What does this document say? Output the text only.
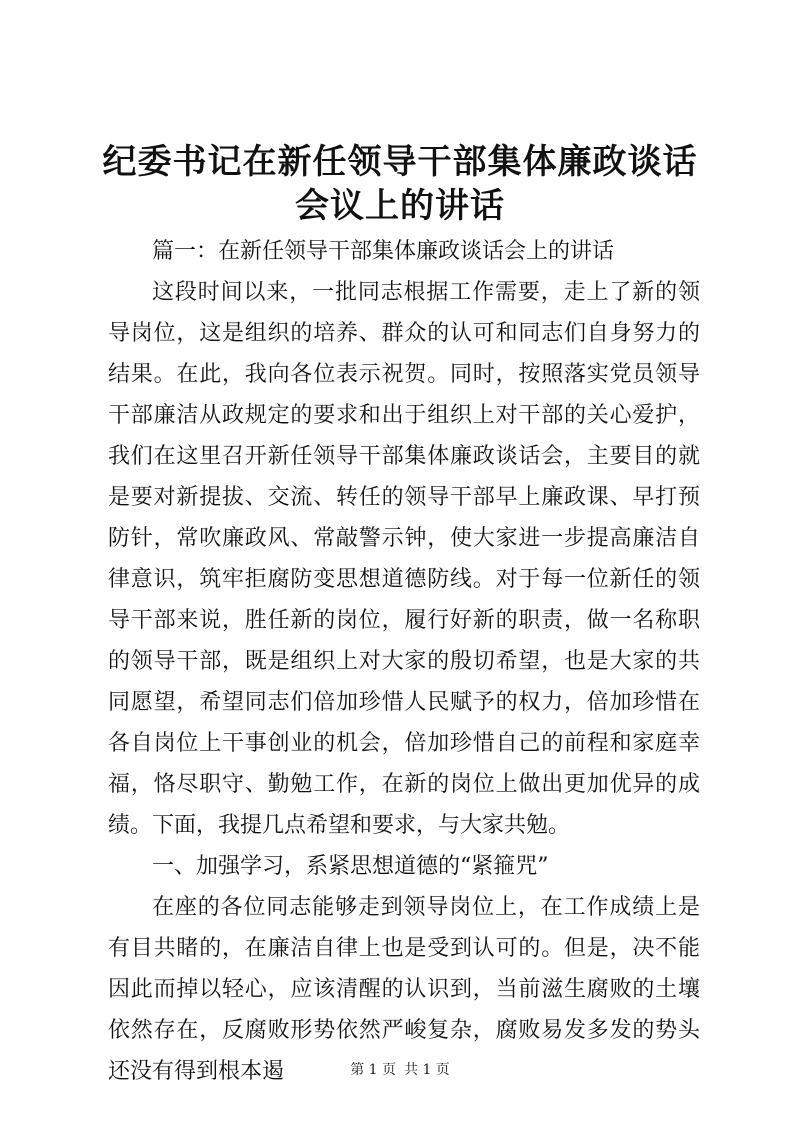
纪委书记在新任领导干部集体廉政谈话会议上的讲话

篇一：在新任领导干部集体廉政谈话会上的讲话

这段时间以来，一批同志根据工作需要，走上了新的领导岗位，这是组织的培养、群众的认可和同志们自身努力的结果。在此，我向各位表示祝贺。同时，按照落实党员领导干部廉洁从政规定的要求和出于组织上对干部的关心爱护，我们在这里召开新任领导干部集体廉政谈话会，主要目的就是要对新提拔、交流、转任的领导干部早上廉政课、早打预防针，常吹廉政风、常敲警示钟，使大家进一步提高廉洁自律意识，筑牢拒腐防变思想道德防线。对于每一位新任的领导干部来说，胜任新的岗位，履行好新的职责，做一名称职的领导干部，既是组织上对大家的殷切希望，也是大家的共同愿望，希望同志们倍加珍惜人民赋予的权力，倍加珍惜在各自岗位上干事创业的机会，倍加珍惜自己的前程和家庭幸福，恪尽职守、勤勉工作，在新的岗位上做出更加优异的成绩。下面，我提几点希望和要求，与大家共勉。

一、加强学习，系紧思想道德的“紧箍咒”

在座的各位同志能够走到领导岗位上，在工作成绩上是有目共睹的，在廉洁自律上也是受到认可的。但是，决不能因此而掉以轻心，应该清醒的认识到，当前滋生腐败的土壤依然存在，反腐败形势依然严峻复杂，腐败易发多发的势头还没有得到根本遏	第 1 页 共 1 页
